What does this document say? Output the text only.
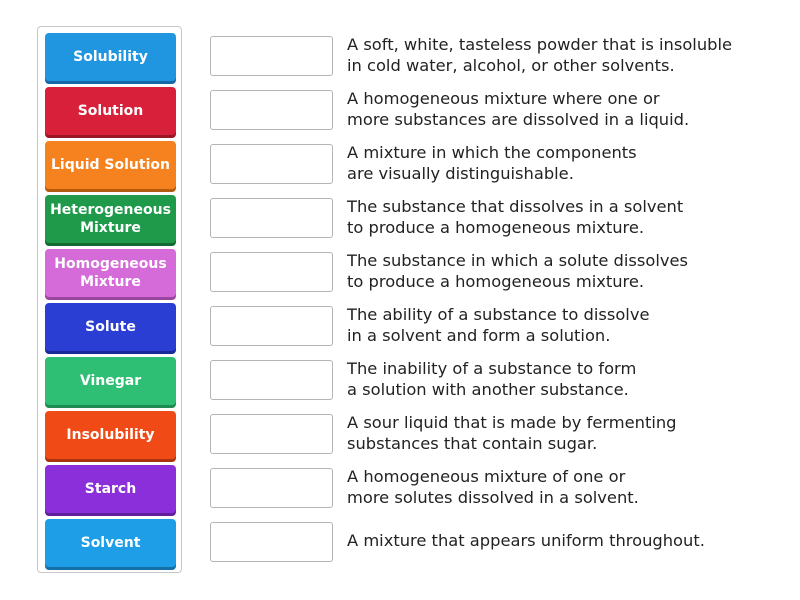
Solubility
Solution
Liquid Solution
Heterogeneous
Mixture
Homogeneous
Mixture
Solute
Vinegar
Insolubility
Starch
Solvent
A soft, white, tasteless powder that is insoluble
in cold water, alcohol, or other solvents.
A homogeneous mixture where one or
more substances are dissolved in a liquid.
A mixture in which the components
are visually distinguishable.
The substance that dissolves in a solvent
to produce a homogeneous mixture.
The substance in which a solute dissolves
to produce a homogeneous mixture.
The ability of a substance to dissolve
in a solvent and form a solution.
The inability of a substance to form
a solution with another substance.
A sour liquid that is made by fermenting
substances that contain sugar.
A homogeneous mixture of one or
more solutes dissolved in a solvent.
A mixture that appears uniform throughout.
